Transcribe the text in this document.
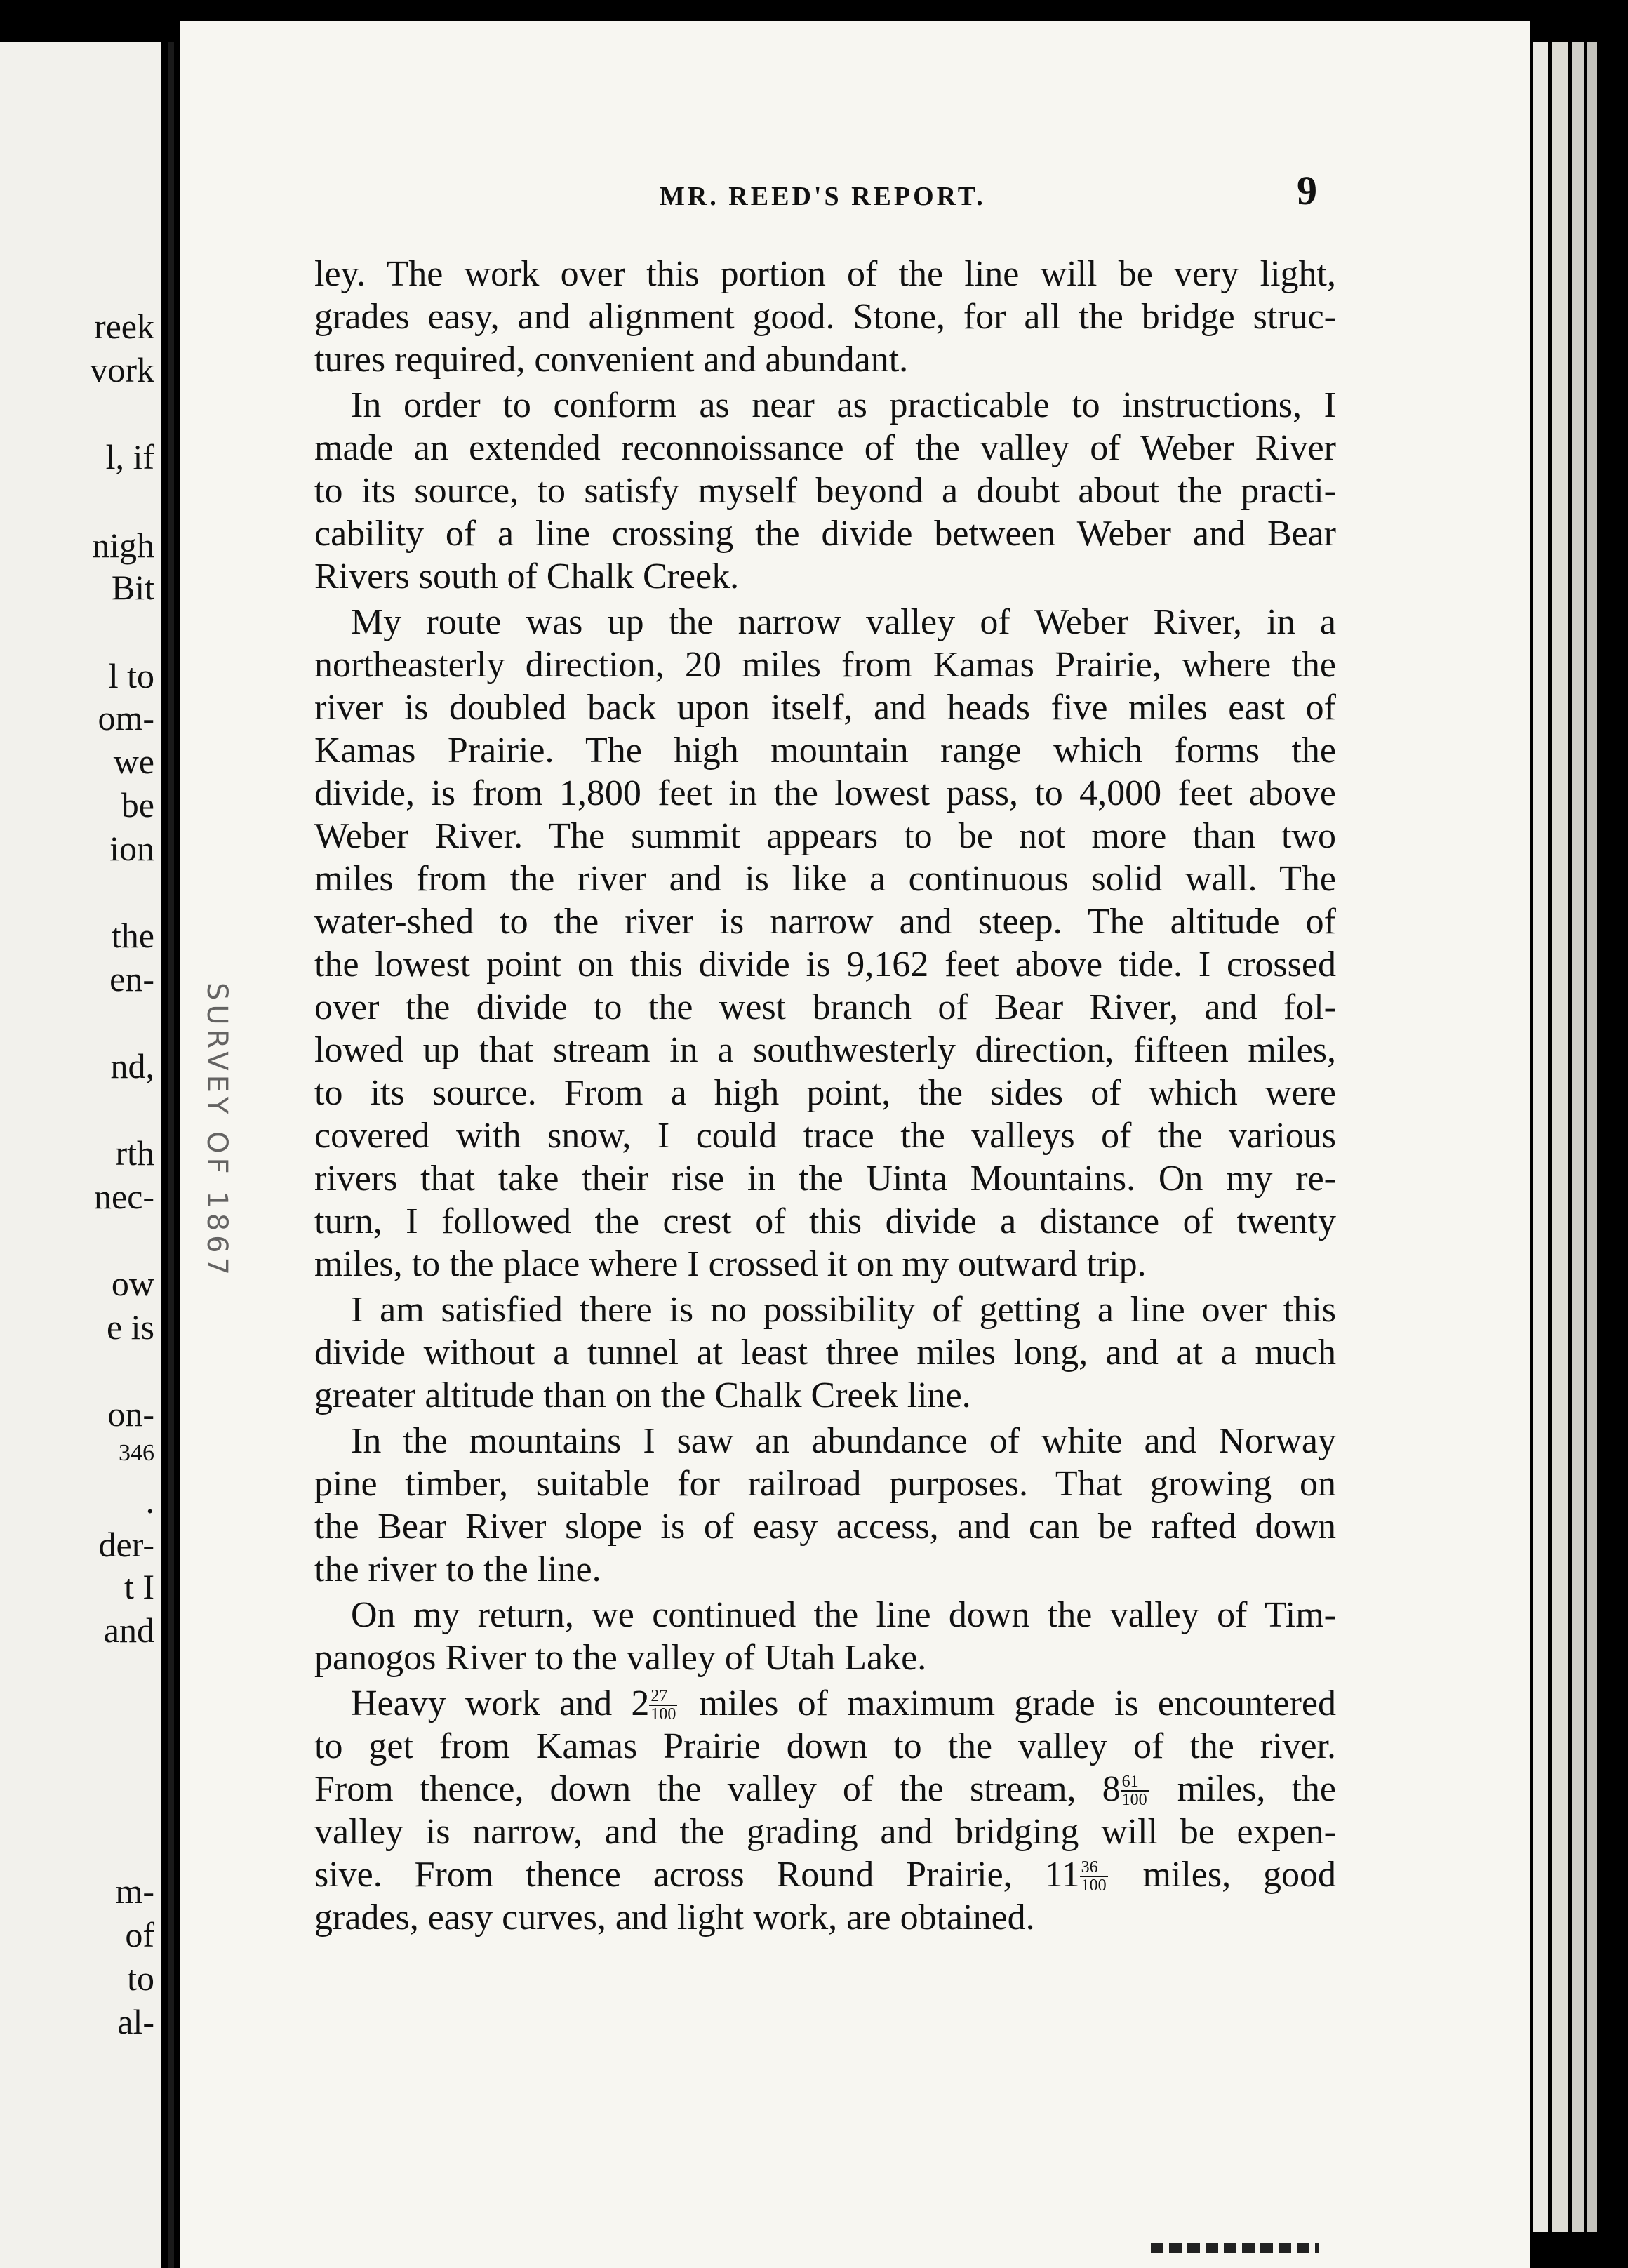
reek
vork
l, if
nigh
Bit
l to
om-
we
be
ion
the
en-
nd,
rth
nec-
ow
e is
on-
346
.
der-
t I
and
m-
of
to
al-
SURVEY OF 1867
MR. REED'S REPORT.	9
ley. The work over this portion of the line will be very light,
grades easy, and alignment good. Stone, for all the bridge struc-
tures required, convenient and abundant.
In order to conform as near as practicable to instructions, I
made an extended reconnoissance of the valley of Weber River
to its source, to satisfy myself beyond a doubt about the practi-
cability of a line crossing the divide between Weber and Bear
Rivers south of Chalk Creek.
My route was up the narrow valley of Weber River, in a
northeasterly direction, 20 miles from Kamas Prairie, where the
river is doubled back upon itself, and heads five miles east of
Kamas Prairie. The high mountain range which forms the
divide, is from 1,800 feet in the lowest pass, to 4,000 feet above
Weber River. The summit appears to be not more than two
miles from the river and is like a continuous solid wall. The
water-shed to the river is narrow and steep. The altitude of
the lowest point on this divide is 9,162 feet above tide. I crossed
over the divide to the west branch of Bear River, and fol-
lowed up that stream in a southwesterly direction, fifteen miles,
to its source. From a high point, the sides of which were
covered with snow, I could trace the valleys of the various
rivers that take their rise in the Uinta Mountains. On my re-
turn, I followed the crest of this divide a distance of twenty
miles, to the place where I crossed it on my outward trip.
I am satisfied there is no possibility of getting a line over this
divide without a tunnel at least three miles long, and at a much
greater altitude than on the Chalk Creek line.
In the mountains I saw an abundance of white and Norway
pine timber, suitable for railroad purposes. That growing on
the Bear River slope is of easy access, and can be rafted down
the river to the line.
On my return, we continued the line down the valley of Tim-
panogos River to the valley of Utah Lake.
Heavy work and $2 \frac{27}{100}$ miles of maximum grade is encountered
to get from Kamas Prairie down to the valley of the river.
From thence, down the valley of the stream, $8 \frac{61}{100}$ miles, the
valley is narrow, and the grading and bridging will be expen-
sive. From thence across Round Prairie, $11 \frac{36}{100}$ miles, good
grades, easy curves, and light work, are obtained.
